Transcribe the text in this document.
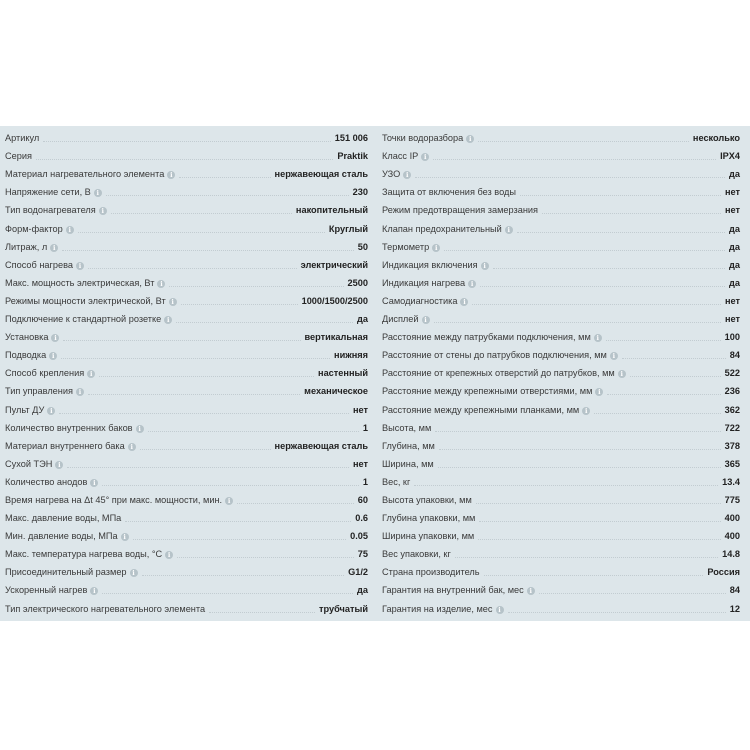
Артикул	151 006
Серия	Praktik
Материал нагревательного элемента i	нержавеющая сталь
Напряжение сети, В i	230
Тип водонагревателя i	накопительный
Форм-фактор i	Круглый
Литраж, л i	50
Способ нагрева i	электрический
Макс. мощность электрическая, Вт i	2500
Режимы мощности электрической, Вт i	1000/1500/2500
Подключение к стандартной розетке i	да
Установка i	вертикальная
Подводка i	нижняя
Способ крепления i	настенный
Тип управления i	механическое
Пульт ДУ i	нет
Количество внутренних баков i	1
Материал внутреннего бака i	нержавеющая сталь
Сухой ТЭН i	нет
Количество анодов i	1
Время нагрева на Δt 45° при макс. мощности, мин. i	60
Макс. давление воды, МПа	0.6
Мин. давление воды, МПа i	0.05
Макс. температура нагрева воды, °C i	75
Присоединительный размер i	G1/2
Ускоренный нагрев i	да
Тип электрического нагревательного элемента	трубчатый
Точки водоразбора i	несколько
Класс IP i	IPX4
УЗО i	да
Защита от включения без воды	нет
Режим предотвращения замерзания	нет
Клапан предохранительный i	да
Термометр i	да
Индикация включения i	да
Индикация нагрева i	да
Самодиагностика i	нет
Дисплей i	нет
Расстояние между патрубками подключения, мм i	100
Расстояние от стены до патрубков подключения, мм i	84
Расстояние от крепежных отверстий до патрубков, мм i	522
Расстояние между крепежными отверстиями, мм i	236
Расстояние между крепежными планками, мм i	362
Высота, мм	722
Глубина, мм	378
Ширина, мм	365
Вес, кг	13.4
Высота упаковки, мм	775
Глубина упаковки, мм	400
Ширина упаковки, мм	400
Вес упаковки, кг	14.8
Страна производитель	Россия
Гарантия на внутренний бак, мес i	84
Гарантия на изделие, мес i	12
